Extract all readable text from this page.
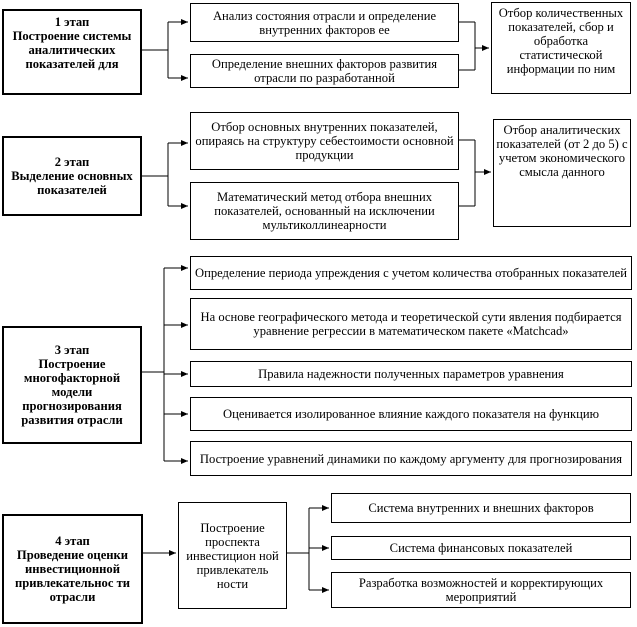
1 этап
Построение системы аналитических показателей для
Анализ состояния отрасли и определение внутренних факторов ее
Определение внешних факторов развития отрасли по разработанной
Отбор количественных показателей, сбор и обработка статистической информации по ним
2 этап
Выделение основных показателей
Отбор основных внутренних показателей, опираясь на структуру себестоимости основной продукции
Математический метод отбора внешних показателей, основанный на исключении мультиколлинеарности
Отбор аналитических показателей (от 2 до 5) с учетом экономического смысла данного
3 этап
Построение многофакторной модели прогнозирования развития отрасли
Определение периода упреждения с учетом количества отобранных показателей
На основе географического метода и теоретической сути явления подбирается уравнение регрессии в математическом пакете «Matchcad»
Правила надежности полученных параметров уравнения
Оценивается изолированное влияние каждого показателя на функцию
Построение уравнений динамики по каждому аргументу для прогнозирования
4 этап
Проведение оценки инвестиционной привлекательнос ти отрасли
Построение проспекта инвестицион ной привлекатель ности
Система внутренних и внешних факторов
Система финансовых показателей
Разработка возможностей и корректирующих мероприятий
